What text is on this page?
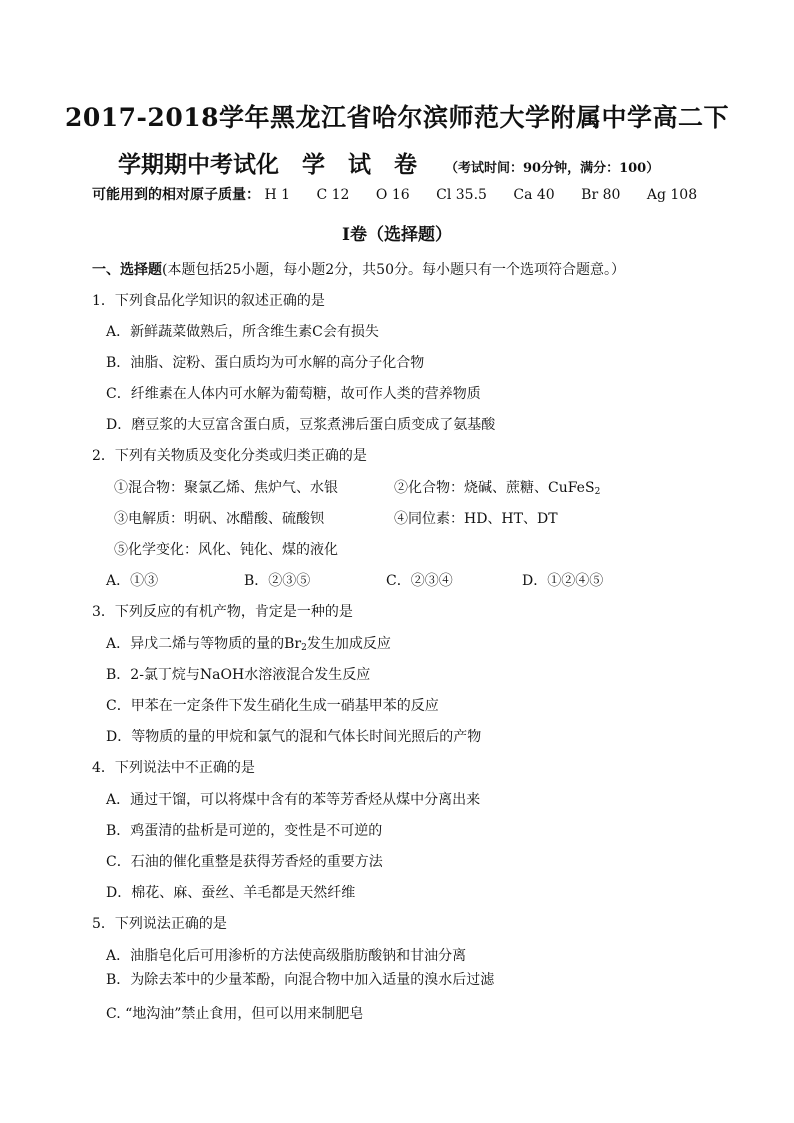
2017-2018学年黑龙江省哈尔滨师范大学附属中学高二下
学期期中考试化　学　试　卷 （考试时间：90分钟，满分：100）
可能用到的相对原子质量： H 1 C 12 O 16 Cl 35.5 Ca 40 Br 80 Ag 108
Ⅰ卷（选择题）
一、选择题(本题包括25小题，每小题2分，共50分。每小题只有一个选项符合题意。）
1．下列食品化学知识的叙述正确的是
A．新鲜蔬菜做熟后，所含维生素C会有损失
B．油脂、淀粉、蛋白质均为可水解的高分子化合物
C．纤维素在人体内可水解为葡萄糖，故可作人类的营养物质
D．磨豆浆的大豆富含蛋白质，豆浆煮沸后蛋白质变成了氨基酸
2．下列有关物质及变化分类或归类正确的是
①混合物：聚氯乙烯、焦炉气、水银	②化合物：烧碱、蔗糖、CuFeS$_2$
③电解质：明矾、冰醋酸、硫酸钡	④同位素：HD、HT、DT
⑤化学变化：风化、钝化、煤的液化
A．①③	B．②③⑤	C．②③④	D．①②④⑤
3．下列反应的有机产物，肯定是一种的是
A．异戊二烯与等物质的量的$Br_2$发生加成反应
B．2-氯丁烷与NaOH水溶液混合发生反应
C．甲苯在一定条件下发生硝化生成一硝基甲苯的反应
D．等物质的量的甲烷和氯气的混和气体长时间光照后的产物
4．下列说法中不正确的是
A．通过干馏，可以将煤中含有的苯等芳香烃从煤中分离出来
B．鸡蛋清的盐析是可逆的，变性是不可逆的
C．石油的催化重整是获得芳香烃的重要方法
D．棉花、麻、蚕丝、羊毛都是天然纤维
5．下列说法正确的是
A．油脂皂化后可用渗析的方法使高级脂肪酸钠和甘油分离
B．为除去苯中的少量苯酚，向混合物中加入适量的溴水后过滤
C. “地沟油”禁止食用，但可以用来制肥皂
